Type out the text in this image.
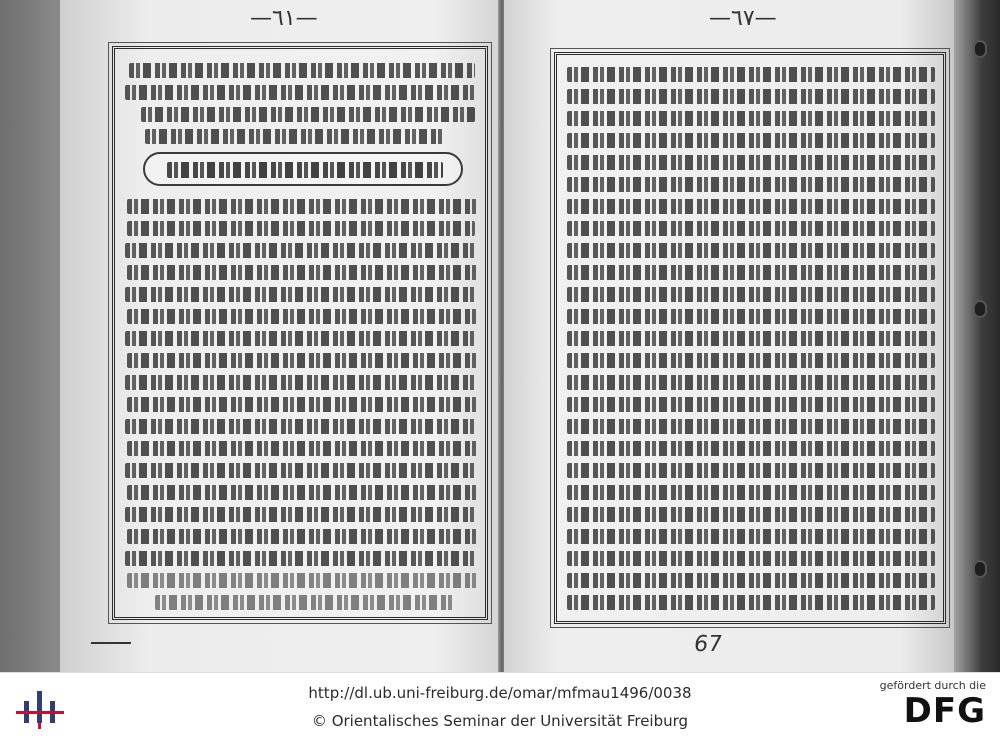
—٦١—	—٦٧—
67
http://dl.ub.uni-freiburg.de/omar/mfmau1496/0038
© Orientalisches Seminar der Universität Freiburg
gefördert durch die
DFG
